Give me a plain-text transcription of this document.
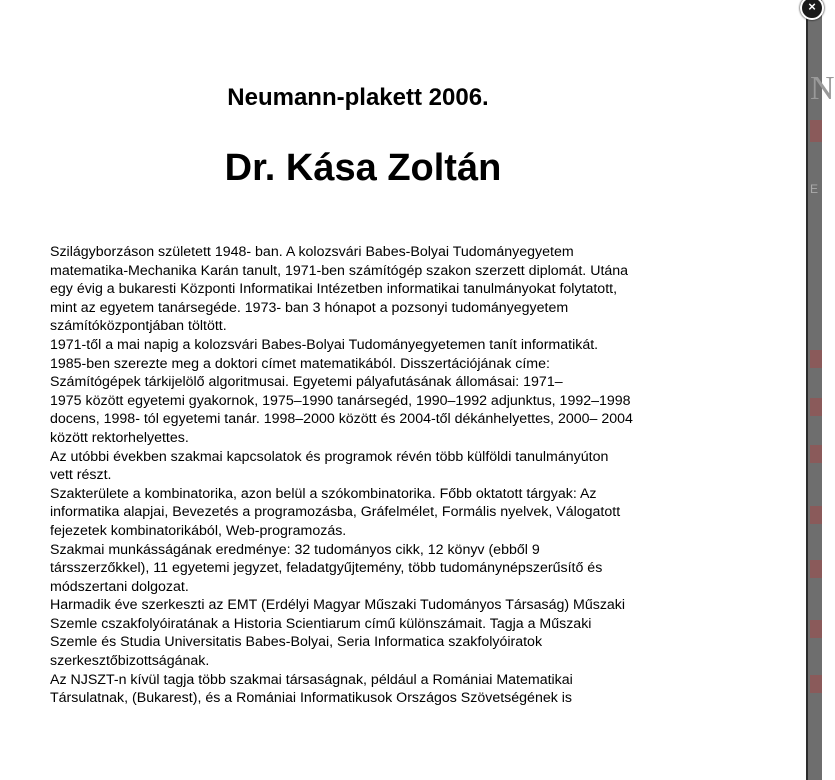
N
E
Neumann-plakett 2006.
Dr. Kása Zoltán
Szilágyborzáson született 1948- ban. A kolozsvári Babes-Bolyai Tudományegyetem
matematika-Mechanika Karán tanult, 1971-ben számítógép szakon szerzett diplomát. Utána
egy évig a bukaresti Központi Informatikai Intézetben informatikai tanulmányokat folytatott,
mint az egyetem tanársegéde. 1973- ban 3 hónapot a pozsonyi tudományegyetem
számítóközpontjában töltött.
1971-től a mai napig a kolozsvári Babes-Bolyai Tudományegyetemen tanít informatikát.
1985-ben szerezte meg a doktori címet matematikából. Disszertációjának címe:
Számítógépek tárkijelölő algoritmusai. Egyetemi pályafutásának állomásai: 1971–
1975 között egyetemi gyakornok, 1975–1990 tanársegéd, 1990–1992 adjunktus, 1992–1998
docens, 1998- tól egyetemi tanár. 1998–2000 között és 2004-től dékánhelyettes, 2000– 2004
között rektorhelyettes.
Az utóbbi években szakmai kapcsolatok és programok révén több külföldi tanulmányúton
vett részt.
Szakterülete a kombinatorika, azon belül a szókombinatorika. Főbb oktatott tárgyak: Az
informatika alapjai, Bevezetés a programozásba, Gráfelmélet, Formális nyelvek, Válogatott
fejezetek kombinatorikából, Web-programozás.
Szakmai munkásságának eredménye: 32 tudományos cikk, 12 könyv (ebből 9
társszerzőkkel), 11 egyetemi jegyzet, feladatgyűjtemény, több tudománynépszerűsítő és
módszertani dolgozat.
Harmadik éve szerkeszti az EMT (Erdélyi Magyar Műszaki Tudományos Társaság) Műszaki
Szemle cszakfolyóiratának a Historia Scientiarum című különszámait. Tagja a Műszaki
Szemle és Studia Universitatis Babes-Bolyai, Seria Informatica szakfolyóiratok
szerkesztőbizottságának.
Az NJSZT-n kívül tagja több szakmai társaságnak, például a Romániai Matematikai
Társulatnak, (Bukarest), és a Romániai Informatikusok Országos Szövetségének is
×
